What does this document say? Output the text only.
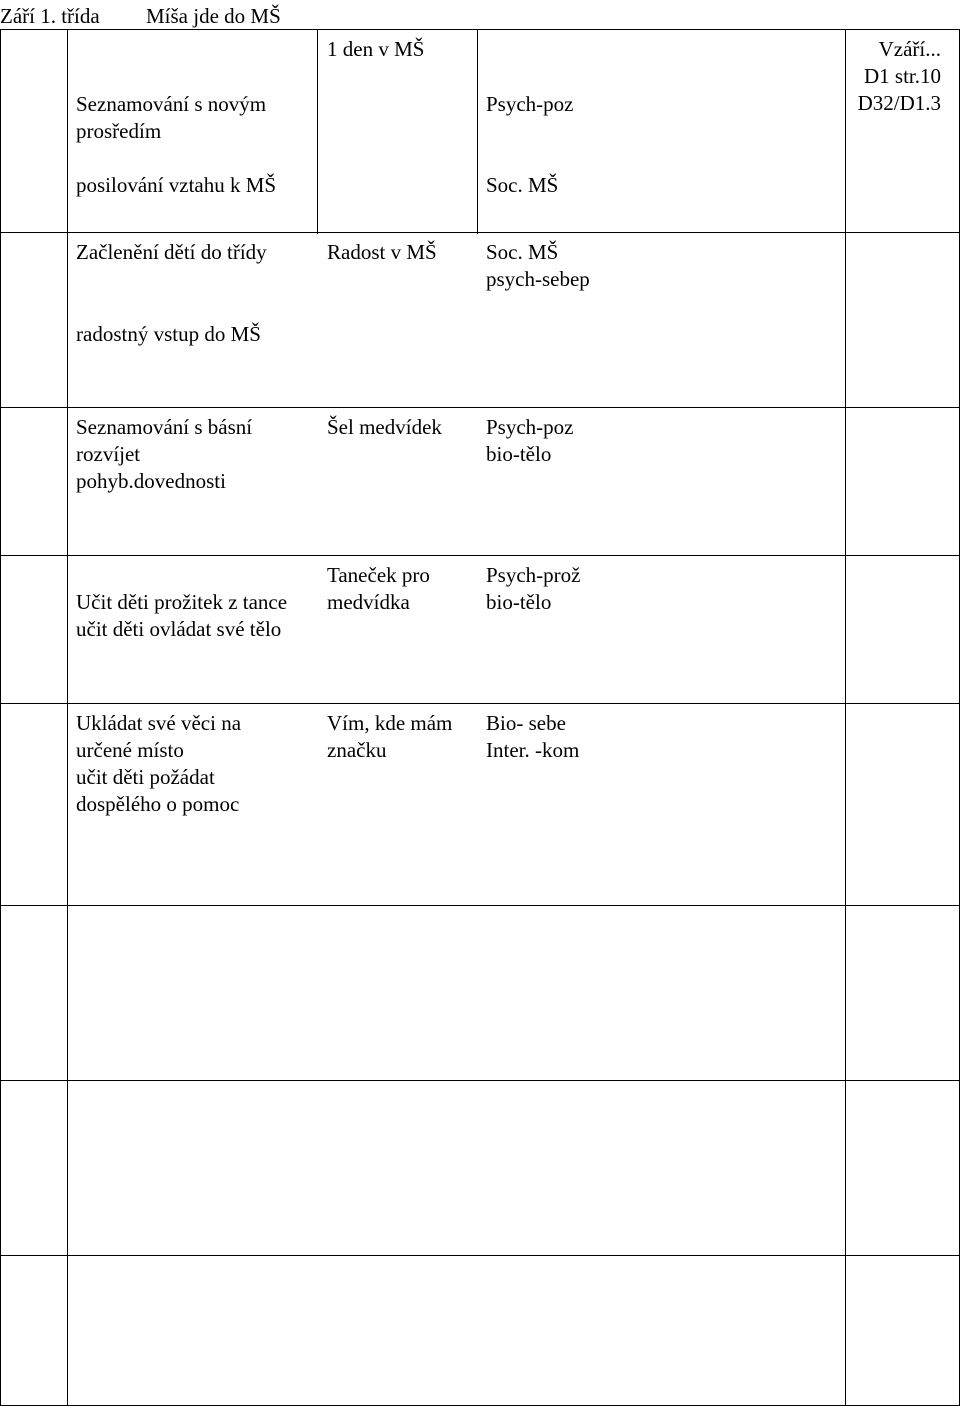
Září 1. třída Míša jde do MŠ
Seznamování s novým
prosředím
posilování vztahu k MŠ
1 den v MŠ
Psych-poz
Soc. MŠ
Vzáří...
D1 str.10
D32/D1.3
Začlenění dětí do třídy
radostný vstup do MŠ
Radost v MŠ Soc. MŠ
psych-sebep
Seznamování s básní
rozvíjet
pohyb.dovednosti
Šel medvídek Psych-poz
bio-tělo
Učit děti prožitek z tance
učit děti ovládat své tělo
Taneček pro
medvídka
Psych-prož
bio-tělo
Ukládat své věci na
určené místo
učit děti požádat
dospělého o pomoc
Vím, kde mám
značku
Bio- sebe
Inter. -kom
